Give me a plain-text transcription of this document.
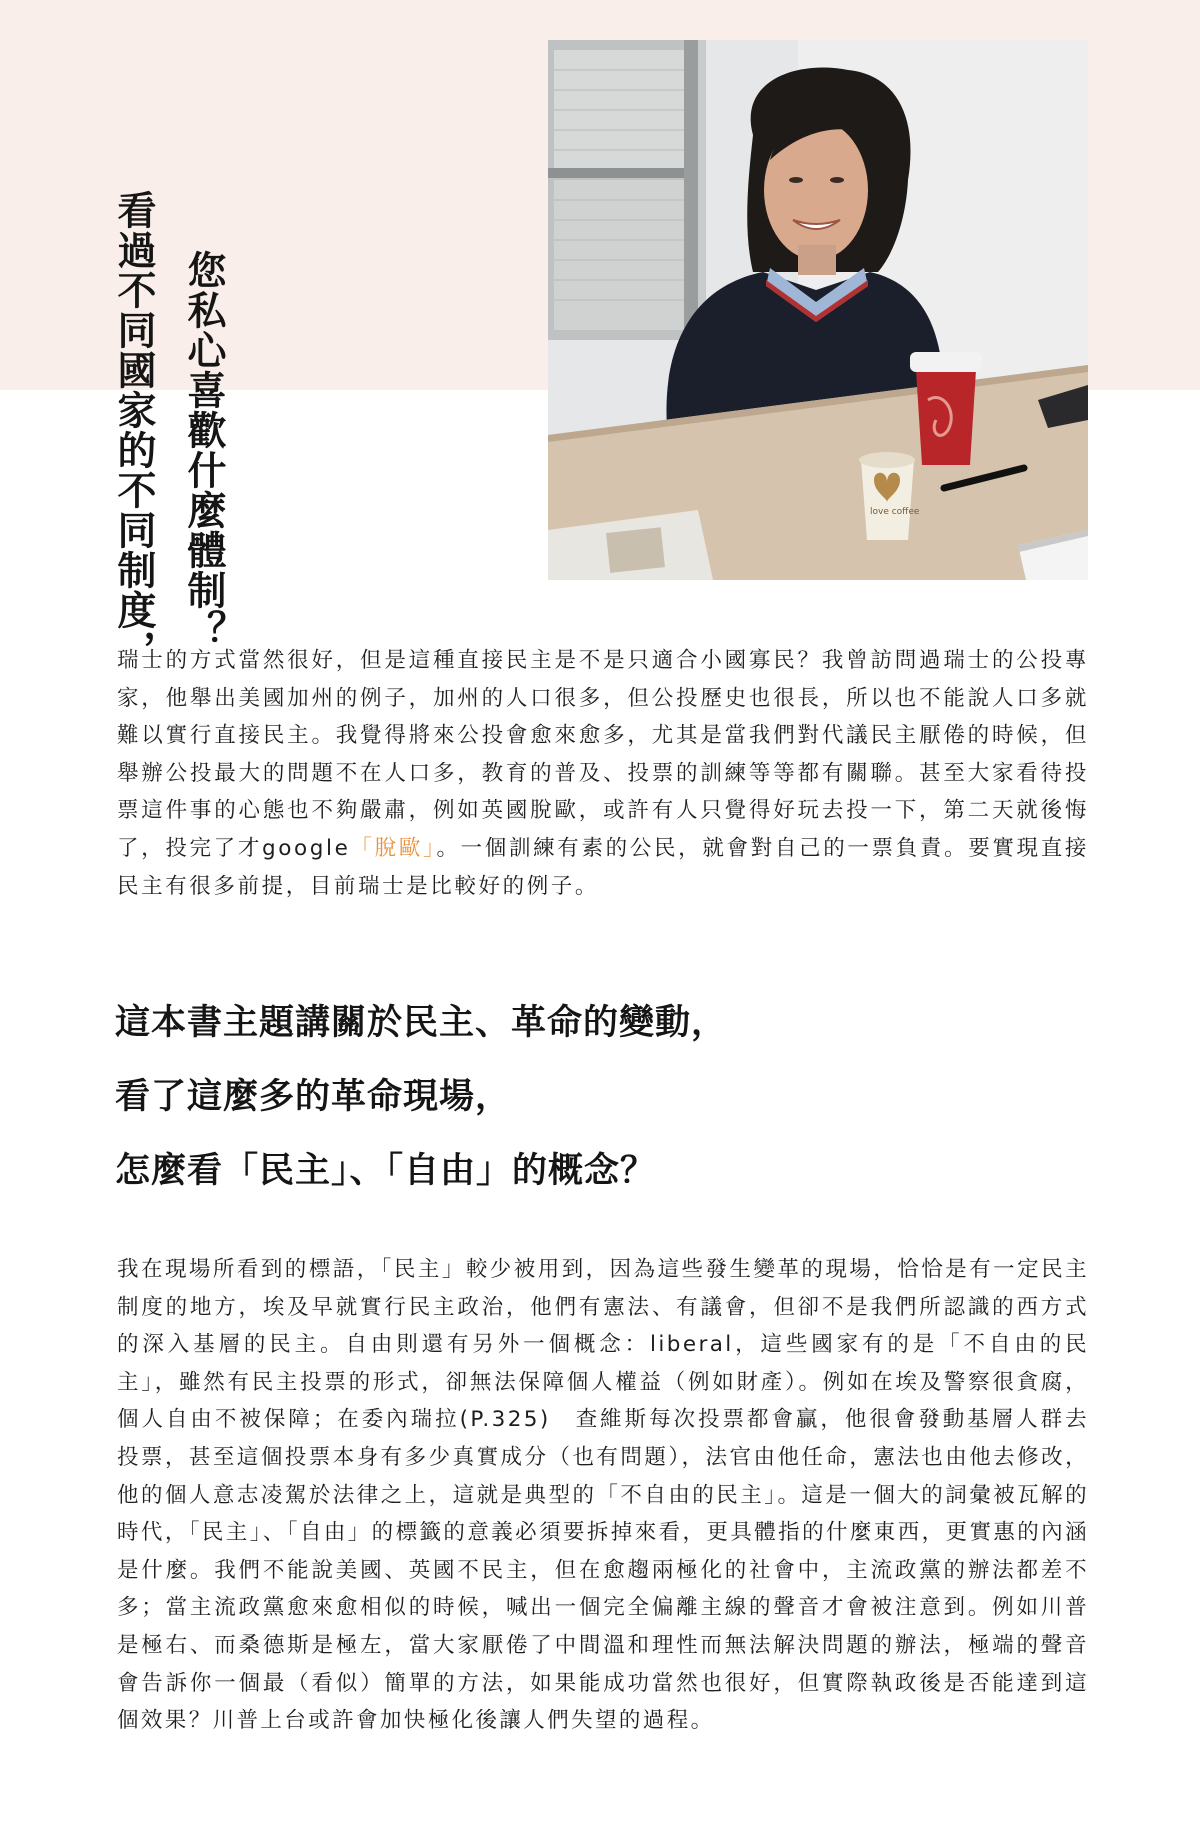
看過不同國家的不同制度， 您私心喜歡什麼體制？	love coffee
瑞士的方式當然很好，但是這種直接民主是不是只適合小國寡民？我曾訪問過瑞士的公投專家，他舉出美國加州的例子，加州的人口很多，但公投歷史也很長，所以也不能說人口多就難以實行直接民主。我覺得將來公投會愈來愈多，尤其是當我們對代議民主厭倦的時候，但舉辦公投最大的問題不在人口多，教育的普及、投票的訓練等等都有關聯。甚至大家看待投票這件事的心態也不夠嚴肅，例如英國脫歐，或許有人只覺得好玩去投一下，第二天就後悔了，投完了才google「脫歐」。一個訓練有素的公民，就會對自己的一票負責。要實現直接民主有很多前提，目前瑞士是比較好的例子。
這本書主題講關於民主、革命的變動，
看了這麼多的革命現場，
怎麼看「民主」、「自由」的概念？
我在現場所看到的標語，「民主」較少被用到，因為這些發生變革的現場，恰恰是有一定民主制度的地方，埃及早就實行民主政治，他們有憲法、有議會，但卻不是我們所認識的西方式的深入基層的民主。自由則還有另外一個概念：liberal，這些國家有的是「不自由的民主」，雖然有民主投票的形式，卻無法保障個人權益（例如財產）。例如在埃及警察很貪腐，個人自由不被保障；在委內瑞拉(P.325)　查維斯每次投票都會贏，他很會發動基層人群去投票，甚至這個投票本身有多少真實成分（也有問題），法官由他任命，憲法也由他去修改，他的個人意志凌駕於法律之上，這就是典型的「不自由的民主」。這是一個大的詞彙被瓦解的時代，「民主」、「自由」的標籤的意義必須要拆掉來看，更具體指的什麼東西，更實惠的內涵是什麼。我們不能說美國、英國不民主，但在愈趨兩極化的社會中，主流政黨的辦法都差不多；當主流政黨愈來愈相似的時候，喊出一個完全偏離主線的聲音才會被注意到。例如川普是極右、而桑德斯是極左，當大家厭倦了中間溫和理性而無法解決問題的辦法，極端的聲音會告訴你一個最（看似）簡單的方法，如果能成功當然也很好，但實際執政後是否能達到這個效果？川普上台或許會加快極化後讓人們失望的過程。
